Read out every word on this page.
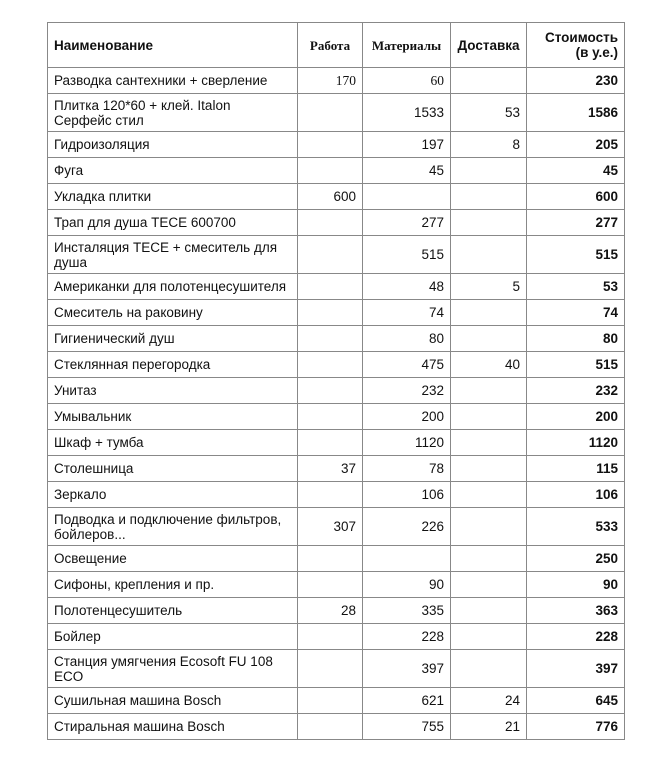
Наименование	Работа	Материалы	Доставка	Стоимость (в у.е.)
Разводка сантехники + сверление	170	60		230
Плитка 120*60 + клей. Italon Серфейс стил		1533	53	1586
Гидроизоляция		197	8	205
Фуга		45		45
Укладка плитки	600			600
Трап для душа TECE 600700		277		277
Инсталяция TECE + смеситель для душа		515		515
Американки для полотенцесушителя		48	5	53
Смеситель на раковину		74		74
Гигиенический душ		80		80
Стеклянная перегородка		475	40	515
Унитаз		232		232
Умывальник		200		200
Шкаф + тумба		1120		1120
Столешница	37	78		115
Зеркало		106		106
Подводка и подключение фильтров, бойлеров...	307	226		533
Освещение				250
Сифоны, крепления и пр.		90		90
Полотенцесушитель	28	335		363
Бойлер		228		228
Станция умягчения Ecosoft FU 108 ECO		397		397
Сушильная машина Bosch		621	24	645
Стиральная машина Bosch		755	21	776
